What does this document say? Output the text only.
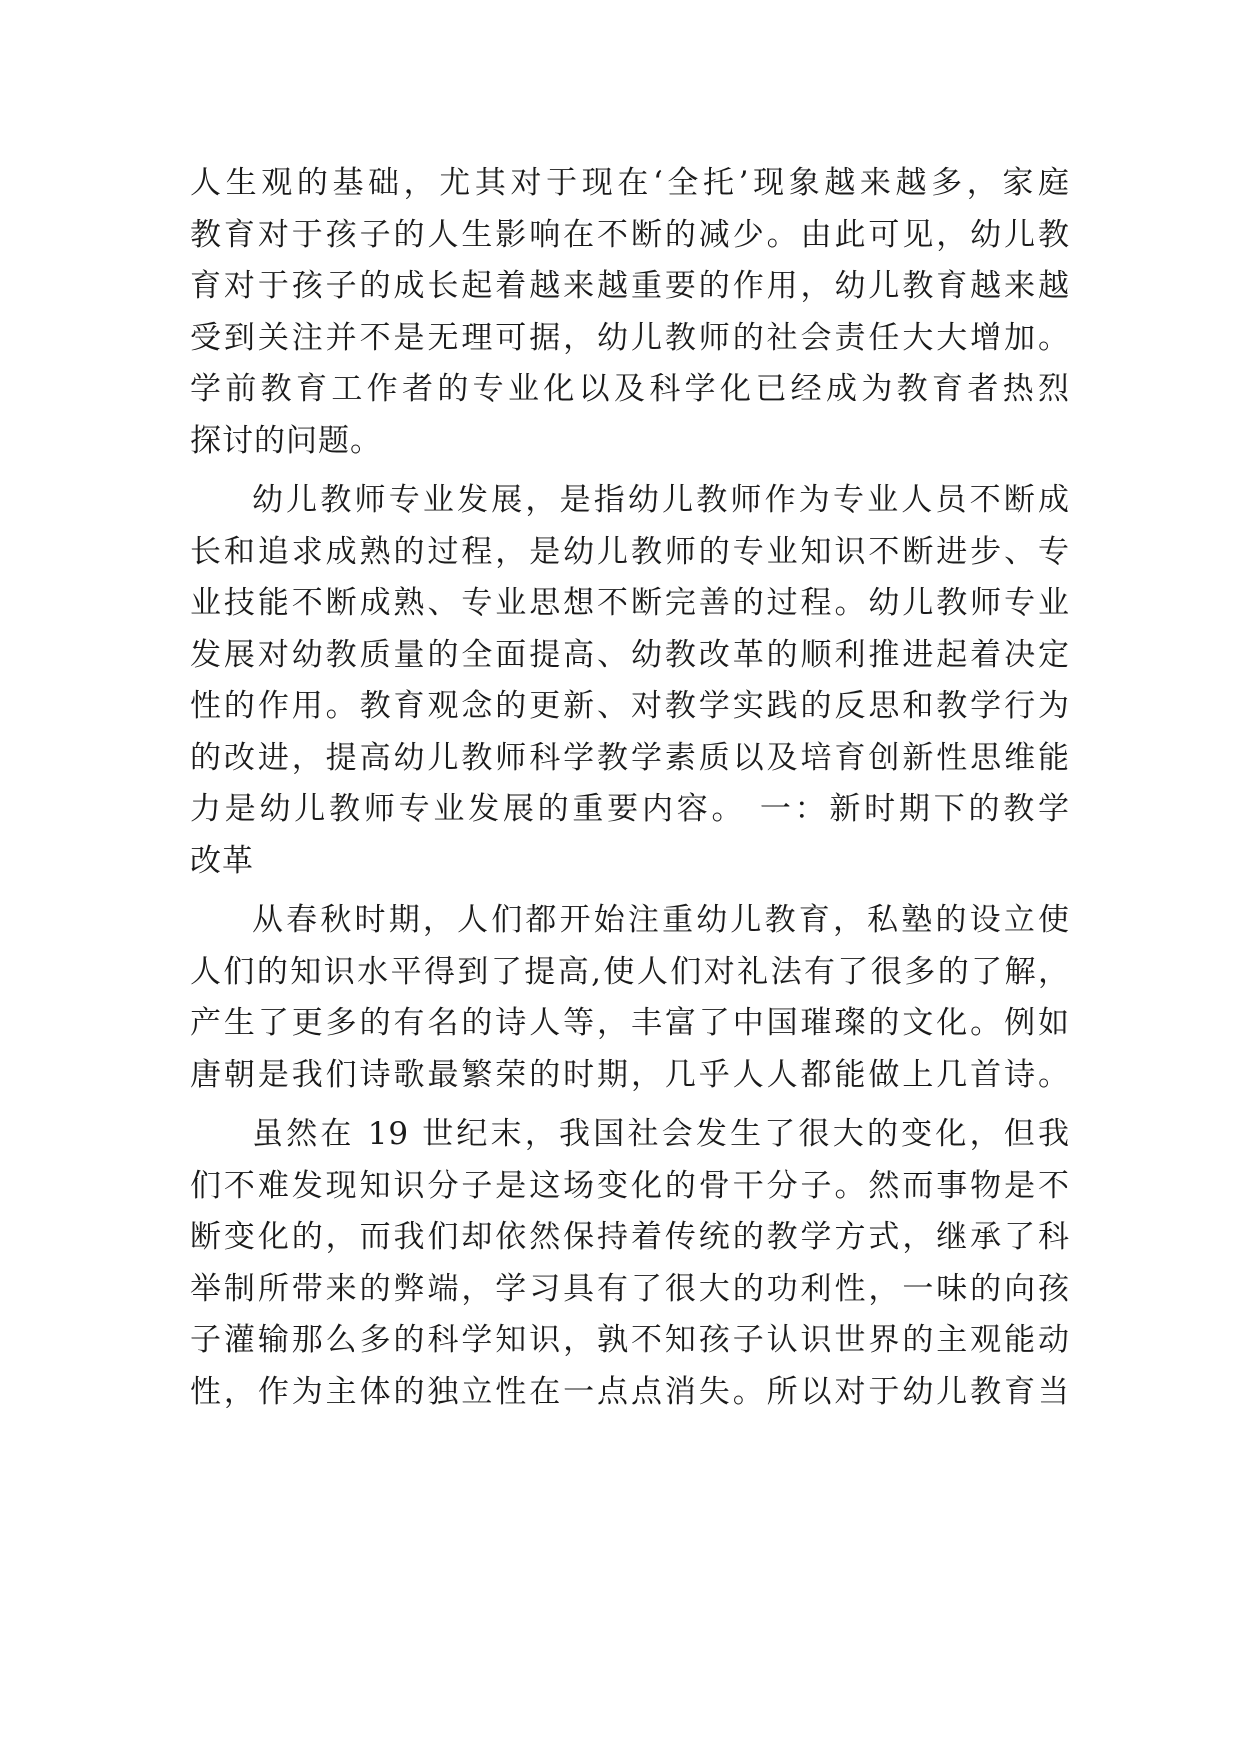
人生观的基础，尤其对于现在‘全托’现象越来越多，家庭
教育对于孩子的人生影响在不断的减少。由此可见，幼儿教
育对于孩子的成长起着越来越重要的作用，幼儿教育越来越
受到关注并不是无理可据，幼儿教师的社会责任大大增加。
学前教育工作者的专业化以及科学化已经成为教育者热烈
探讨的问题。
幼儿教师专业发展，是指幼儿教师作为专业人员不断成
长和追求成熟的过程，是幼儿教师的专业知识不断进步、专
业技能不断成熟、专业思想不断完善的过程。幼儿教师专业
发展对幼教质量的全面提高、幼教改革的顺利推进起着决定
性的作用。教育观念的更新、对教学实践的反思和教学行为
的改进，提高幼儿教师科学教学素质以及培育创新性思维能
力是幼儿教师专业发展的重要内容。 一：新时期下的教学
改革
从春秋时期，人们都开始注重幼儿教育，私塾的设立使
人们的知识水平得到了提高,使人们对礼法有了很多的了解，
产生了更多的有名的诗人等，丰富了中国璀璨的文化。例如
唐朝是我们诗歌最繁荣的时期，几乎人人都能做上几首诗。
虽然在 19 世纪末，我国社会发生了很大的变化，但我
们不难发现知识分子是这场变化的骨干分子。然而事物是不
断变化的，而我们却依然保持着传统的教学方式，继承了科
举制所带来的弊端，学习具有了很大的功利性，一味的向孩
子灌输那么多的科学知识，孰不知孩子认识世界的主观能动
性，作为主体的独立性在一点点消失。所以对于幼儿教育当
